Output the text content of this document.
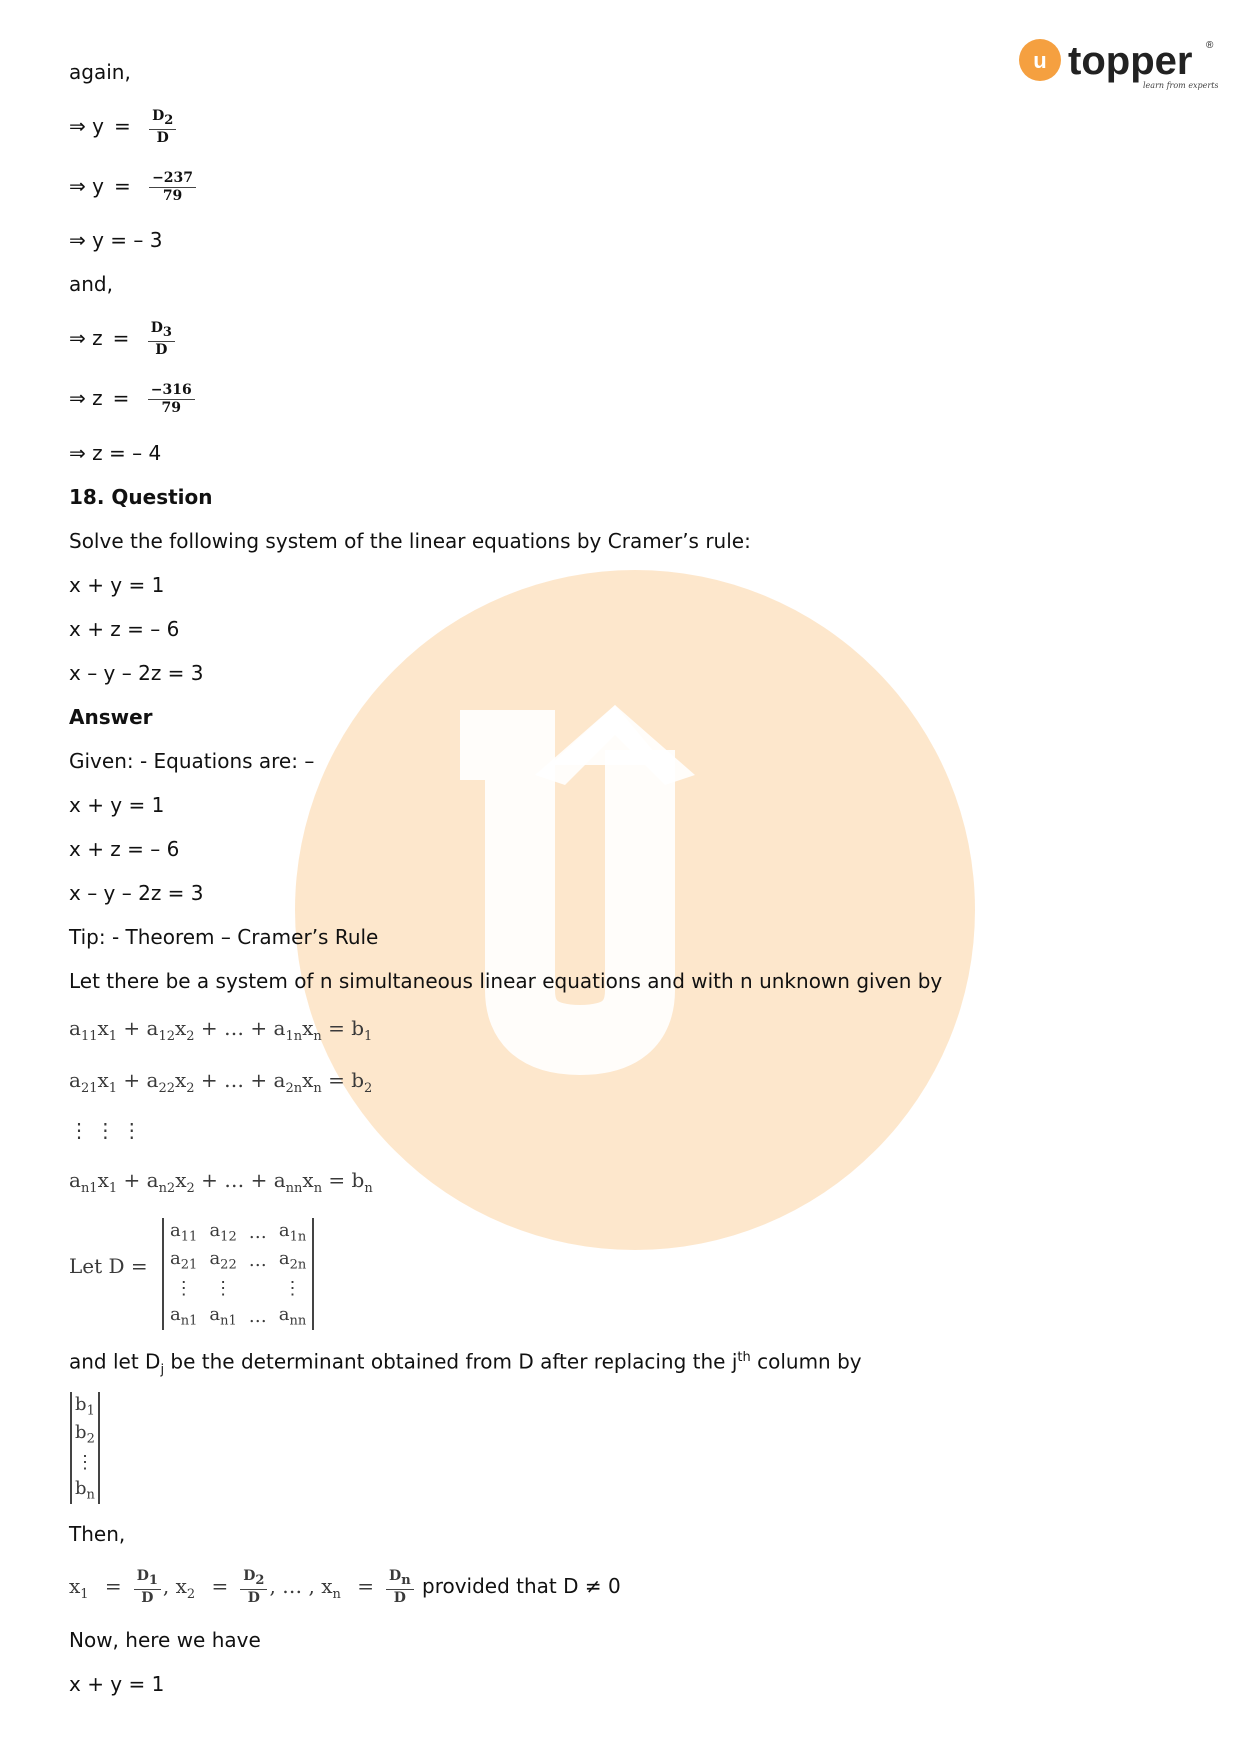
u topper ®
learn from experts
again,
⇒ $y = \frac{D_2}{D}$
⇒ $y = \frac{-237}{79}$
⇒ y = – 3
and,
⇒ $z = \frac{D_3}{D}$
⇒ $z = \frac{-316}{79}$
⇒ z = – 4
18. Question
Solve the following system of the linear equations by Cramer’s rule:
x + y = 1
x + z = – 6
x – y – 2z = 3
Answer
Given: - Equations are: –
x + y = 1
x + z = – 6
x – y – 2z = 3
Tip: - Theorem – Cramer’s Rule
Let there be a system of n simultaneous linear equations and with n unknown given by
$a_{11}x_1 + a_{12}x_2$ + … + $a_{1n}x_n = b_1$
$a_{21}x_1 + a_{22}x_2$ + … + $a_{2n}x_n = b_2$
⋮ ⋮ ⋮
$a_{n1}x_1 + a_{n2}x_2$ + … + $a_{nn}x_n = b_n$
Let D =
$a_{11}$	$a_{12}$	…	$a_{1n}$
$a_{21}$	$a_{22}$	…	$a_{2n}$
⋮	⋮		⋮
$a_{n1}$	$a_{n1}$	…	$a_{nn}$
and let $D_j$ be the determinant obtained from D after replacing the $j^{th}$ column by
$b_1$
$b_2$
⋮
$b_n$
Then,
$x_1 = \frac{D_1}{D}$ , $x_2 = \frac{D_2}{D}$ , … , $x_n = \frac{D_n}{D}$ provided that D ≠ 0
Now, here we have
x + y = 1
